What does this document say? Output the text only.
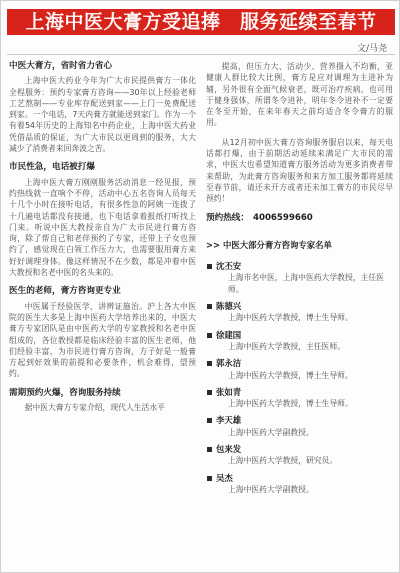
上海中医大膏方受追捧　服务延续至春节
文/马尧
中医大膏方，省时省力省心

上海中医大药业今年为广大市民提供膏方一体化全程服务：预约专家膏方咨询——30年以上经验老师工艺熬制——专业库存配送到家——上门一免费配送到家。一个电话，7天内膏方就能送到家门。作为一个有着54年历史的上海知名中药企业，上海中医大药业凭借品质的保证，为广大市民以更周到的服务，大大减少了消费者来回奔波之苦。

市民性急，电话被打爆

上海中医大膏方刚刚服务活动消息一经见报，预约热线就一直响个不停，活动中心五名咨询人员每天十几个小时在接听电话，有很多性急的阿姨一连拨了十几遍电话都没有接通，也下电话拿着报纸打听找上门来。听说中医大教授亲自为广大市民进行膏方咨询，除了帮自己和老伴预约了专家，还带上子女也预约了，感觉现在白领工作压力大，也需要服用膏方来好好调理身体。像这样情况不在少数，都是冲着中医大教授和名老中医的名头来的。

医生的老师，膏方咨询更专业

中医属于经验医学，讲辨证施治。沪上各大中医院的医生大多是上海中医药大学培养出来的，中医大膏方专家团队是由中医药大学的专家教授和名老中医组成的，各位教授都是临床经验丰富的医生老师，他们经验丰富，为市民进行膏方咨询，方子好是一般膏方起到好效果的前提和必要条件，机会难得，望预约。

需期预约火爆，咨询服务持续

据中医大膏方专家介绍，现代人生活水平

提高，但压力大、活动少、营养摄入不均衡，亚健康人群比较大比例，膏方是应对调理为主进补为辅，另外很有全面气候衰老，既可治疗疾病，也可用于健身强体，所谓冬令进补，明年冬令进补不一定要在冬至开始，在来年春天之前均适合冬令膏方的服用。

从12月初中医大膏方咨询服务服启以来，每天电话都打爆，由于前期活动延续来满足广大市民的需求，中医大也希望知道膏方服务活动为更多消费者带来帮助，为此膏方咨询服务和来方加工服务都将延续至春节前，请还未开方或者还未加工膏方的市民尽早预约！

预约热线： 4006599660
>> 中医大部分膏方咨询专家名单
沈丕安
上海市名中医，上海中医药大学教授，主任医师。
陈德兴
上海中医药大学教授，博士生导师。
徐建国
上海中医药大学教授，主任医师。
郭永洁
上海中医药大学教授，博士生导师。
张如青
上海中医药大学教授，博士生导师。
李天雄
上海中医药大学副教授。
包来发
上海中医药大学教授，研究员。
吴杰
上海中医药大学副教授。
